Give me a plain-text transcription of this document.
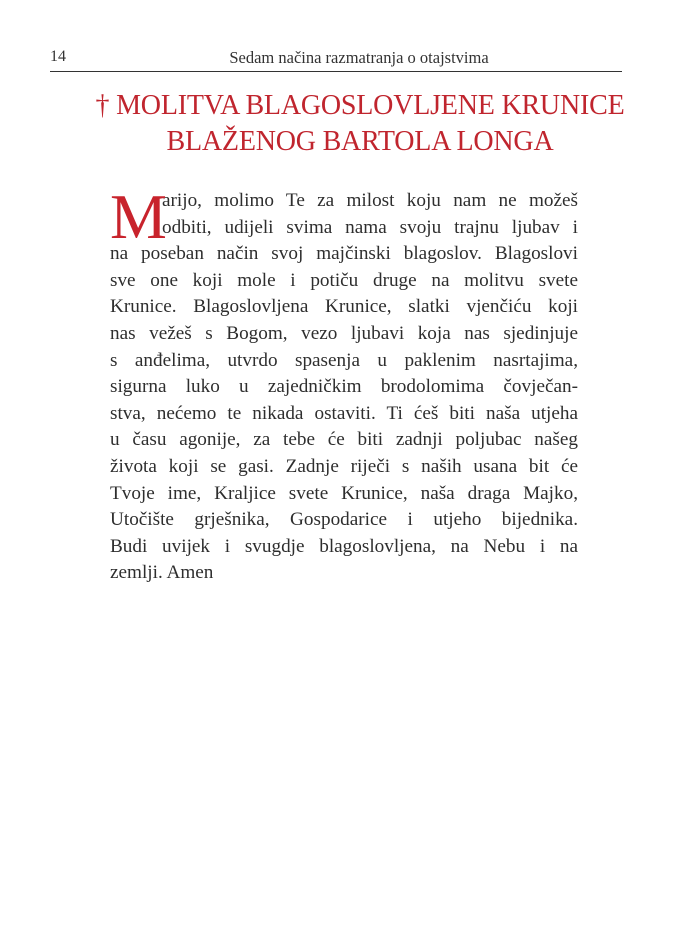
14	Sedam načina razmatranja o otajstvima
† MOLITVA BLAGOSLOVLJENE KRUNICE
BLAŽENOG BARTOLA LONGA
M
arijo, molimo Te za milost koju nam ne možeš
odbiti, udijeli svima nama svoju trajnu ljubav i
na poseban način svoj majčinski blagoslov. Blagoslovi
sve one koji mole i potiču druge na molitvu svete
Krunice. Blagoslovljena Krunice, slatki vjenčiću koji
nas vežeš s Bogom, vezo ljubavi koja nas sjedinjuje
s anđelima, utvrdo spasenja u paklenim nasrtajima,
sigurna luko u zajedničkim brodolomima čovječan-
stva, nećemo te nikada ostaviti. Ti ćeš biti naša utjeha
u času agonije, za tebe će biti zadnji poljubac našeg
života koji se gasi. Zadnje riječi s naših usana bit će
Tvoje ime, Kraljice svete Krunice, naša draga Majko,
Utočište grješnika, Gospodarice i utjeho bijednika.
Budi uvijek i svugdje blagoslovljena, na Nebu i na
zemlji. Amen
